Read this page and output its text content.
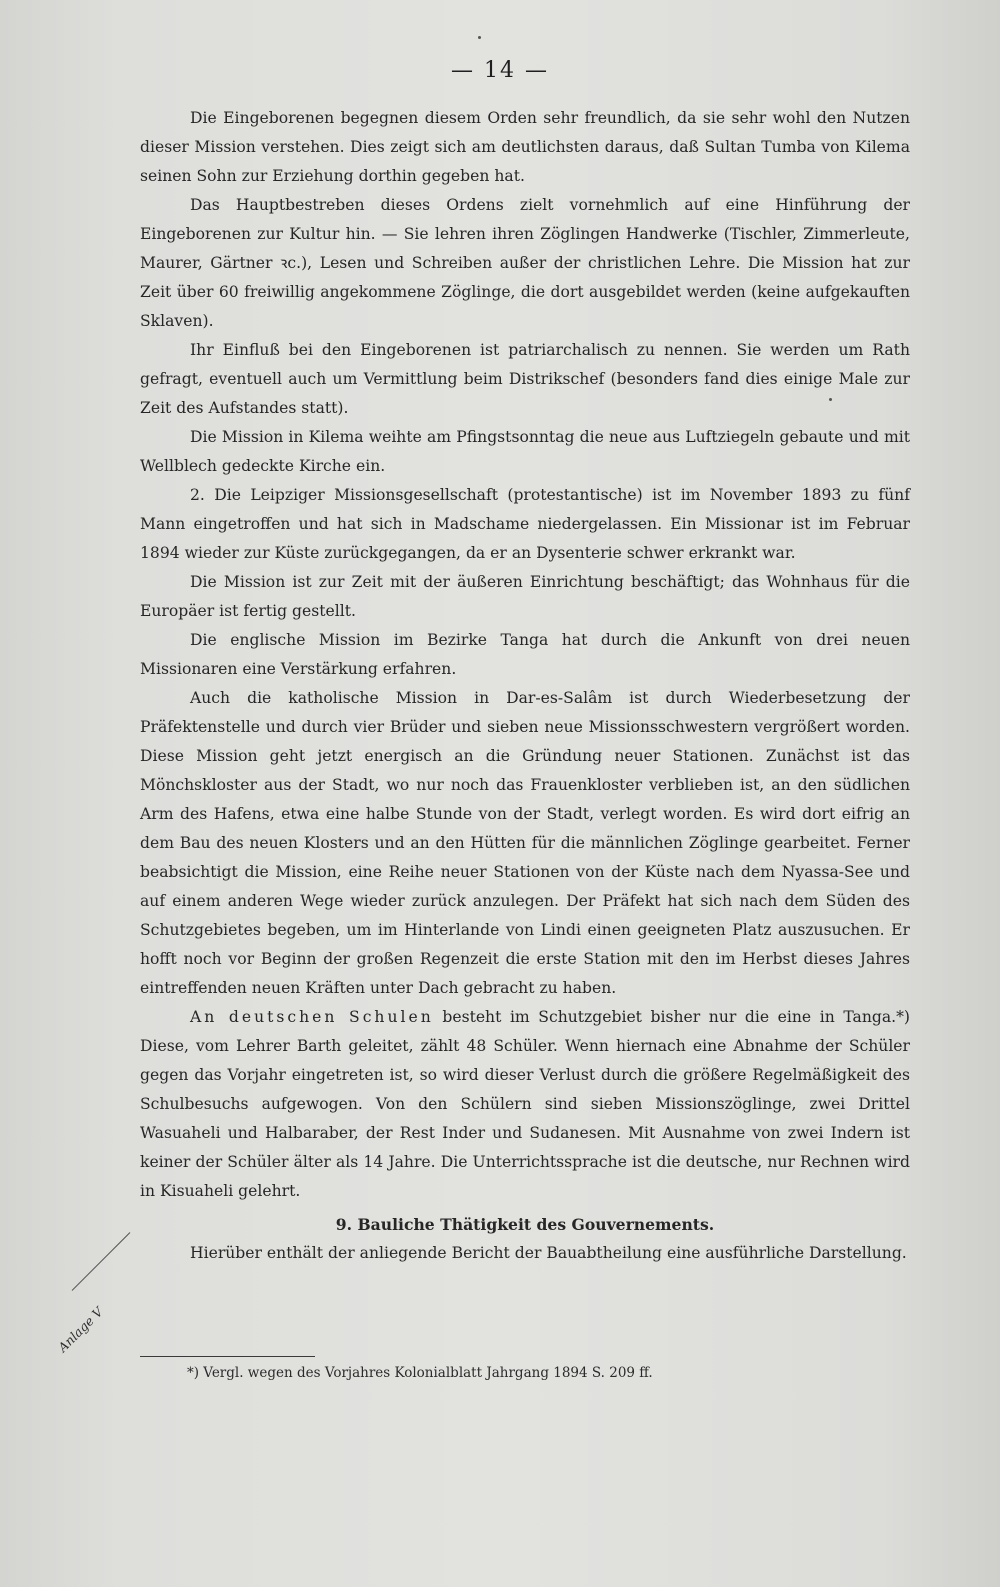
— 14 —

Die Eingeborenen begegnen diesem Orden sehr freundlich, da sie sehr wohl den Nutzen dieser Mission verstehen. Dies zeigt sich am deutlichsten daraus, daß Sultan Tumba von Kilema seinen Sohn zur Erziehung dorthin gegeben hat.

Das Hauptbestreben dieses Ordens zielt vornehmlich auf eine Hinführung der Eingeborenen zur Kultur hin. — Sie lehren ihren Zöglingen Handwerke (Tischler, Zimmerleute, Maurer, Gärtner ꝛc.), Lesen und Schreiben außer der christlichen Lehre. Die Mission hat zur Zeit über 60 freiwillig angekommene Zöglinge, die dort ausgebildet werden (keine aufgekauften Sklaven).

Ihr Einfluß bei den Eingeborenen ist patriarchalisch zu nennen. Sie werden um Rath gefragt, eventuell auch um Vermittlung beim Distrikschef (besonders fand dies einige Male zur Zeit des Aufstandes statt).

Die Mission in Kilema weihte am Pfingstsonntag die neue aus Luftziegeln gebaute und mit Wellblech gedeckte Kirche ein.

2. Die Leipziger Missionsgesellschaft (protestantische) ist im November 1893 zu fünf Mann eingetroffen und hat sich in Madschame niedergelassen. Ein Missionar ist im Februar 1894 wieder zur Küste zurückgegangen, da er an Dysenterie schwer erkrankt war.

Die Mission ist zur Zeit mit der äußeren Einrichtung beschäftigt; das Wohnhaus für die Europäer ist fertig gestellt.

Die englische Mission im Bezirke Tanga hat durch die Ankunft von drei neuen Missionaren eine Verstärkung erfahren.

Auch die katholische Mission in Dar-es-Salâm ist durch Wiederbesetzung der Präfektenstelle und durch vier Brüder und sieben neue Missionsschwestern vergrößert worden. Diese Mission geht jetzt energisch an die Gründung neuer Stationen. Zunächst ist das Mönchskloster aus der Stadt, wo nur noch das Frauenkloster verblieben ist, an den südlichen Arm des Hafens, etwa eine halbe Stunde von der Stadt, verlegt worden. Es wird dort eifrig an dem Bau des neuen Klosters und an den Hütten für die männlichen Zöglinge gearbeitet. Ferner beabsichtigt die Mission, eine Reihe neuer Stationen von der Küste nach dem Nyassa-See und auf einem anderen Wege wieder zurück anzulegen. Der Präfekt hat sich nach dem Süden des Schutzgebietes begeben, um im Hinterlande von Lindi einen geeigneten Platz auszusuchen. Er hofft noch vor Beginn der großen Regenzeit die erste Station mit den im Herbst dieses Jahres eintreffenden neuen Kräften unter Dach gebracht zu haben.

An deutschen Schulen besteht im Schutzgebiet bisher nur die eine in Tanga.*) Diese, vom Lehrer Barth geleitet, zählt 48 Schüler. Wenn hiernach eine Abnahme der Schüler gegen das Vorjahr eingetreten ist, so wird dieser Verlust durch die größere Regelmäßigkeit des Schulbesuchs aufgewogen. Von den Schülern sind sieben Missionszöglinge, zwei Drittel Wasuaheli und Halbaraber, der Rest Inder und Sudanesen. Mit Ausnahme von zwei Indern ist keiner der Schüler älter als 14 Jahre. Die Unterrichtssprache ist die deutsche, nur Rechnen wird in Kisuaheli gelehrt.

9. Bauliche Thätigkeit des Gouvernements.

Hierüber enthält der anliegende Bericht der Bauabtheilung eine ausführliche Darstellung.

*) Vergl. wegen des Vorjahres Kolonialblatt Jahrgang 1894 S. 209 ff.
Anlage V
